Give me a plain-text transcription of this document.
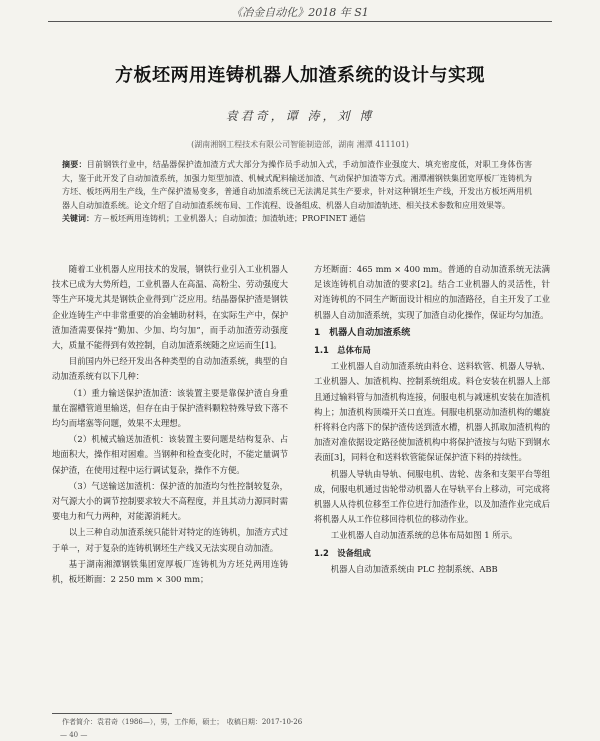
《冶金自动化》2018 年 S1
方板坯两用连铸机器人加渣系统的设计与实现
袁君奇，谭 涛，刘 博
(湖南湘钢工程技术有限公司智能制造部，湖南 湘潭 411101)

摘要：目前钢铁行业中，结晶器保护渣加渣方式大部分为操作员手动加入式，手动加渣作业强度大、填充密度低，对职工身体伤害大，鉴于此开发了自动加渣系统，加强力矩型加渣、机械式配料输送加渣、气动保护加渣等方式。湘潭湘钢铁集团宽厚板厂连铸机为方坯、板坯两用生产线，生产保护渣易变多，普通自动加渣系统已无法满足其生产要求，针对这种钢坯生产线，开发出方板坯两用机器人自动加渣系统。论文介绍了自动加渣系统布局、工作流程、设备组成、机器人自动加渣轨迹、相关技术参数和应用效果等。

关键词：方－板坯两用连铸机；工业机器人；自动加渣；加渣轨迹；PROFINET 通信

随着工业机器人应用技术的发展，钢铁行业引入工业机器人技术已成为大势所趋，工业机器人在高温、高粉尘、劳动强度大等生产环境尤其是钢铁企业得到广泛应用。结晶器保护渣是钢铁企业连铸生产中非常重要的冶金辅助材料，在实际生产中，保护渣加渣需要保持“勤加、少加、均匀加”，而手动加渣劳动强度大，质量不能得到有效控制，自动加渣系统随之应运而生[1]。

目前国内外已经开发出各种类型的自动加渣系统，典型的自动加渣系统有以下几种：

（1）重力输送保护渣加渣：该装置主要是靠保护渣自身重量在溜槽管道里输送，但存在由于保护渣料颗粒特殊导致下落不均匀而堵塞等问题，效果不太理想。

（2）机械式输送加渣机：该装置主要问题是结构复杂、占地面积大，操作相对困难。当钢种和检查变化时，不能定量调节保护渣，在使用过程中运行调试复杂，操作不方便。

（3）气送输送加渣机：保护渣的加渣均匀性控制较复杂，对气源大小的调节控制要求较大不高程度，并且其动力源同时需要电力和气力两种，对能源消耗大。

以上三种自动加渣系统只能针对特定的连铸机，加渣方式过于单一，对于复杂的连铸机钢坯生产线又无法实现自动加渣。

基于湖南湘潭钢铁集团宽厚板厂连铸机为方坯兑两用连铸机，板坯断面：2 250 mm × 300 mm；

方坯断面：465 mm × 400 mm。普通的自动加渣系统无法满足该连铸机自动加渣的要求[2]。结合工业机器人的灵活性，针对连铸机的不同生产断面设计相应的加渣路径，自主开发了工业机器人自动加渣系统，实现了加渣自动化操作，保证均匀加渣。

1　机器人自动加渣系统
1.1　总体布局

工业机器人自动加渣系统由料仓、送料软管、机器人导轨、工业机器人、加渣机构、控制系统组成。料仓安装在机器人上部且通过输料管与加渣机构连接，伺服电机与减速机安装在加渣机构上；加渣机构顶端开关口直连。伺服电机驱动加渣机构的螺旋杆将料仓内落下的保护渣传送到渣水槽，机器人抓取加渣机构的加渣对准依据设定路径使加渣机构中将保护渣按与勾贴下到钢水表面[3]，同料仓和送料软管能保证保护渣下料的持续性。

机器人导轨由导轨、伺服电机、齿轮、齿条和支架平台等组成，伺服电机通过齿轮带动机器人在导轨平台上移动，可完成将机器人从待机位移至工作位进行加渣作业，以及加渣作业完成后将机器人从工作位移回待机位的移动作业。

工业机器人自动加渣系统的总体布局如图 1 所示。

1.2　设备组成

机器人自动加渣系统由 PLC 控制系统、ABB

作者简介：袁君奇（1986—），男，工作师，硕士；　收稿日期：2017-10-26
— 40 —
